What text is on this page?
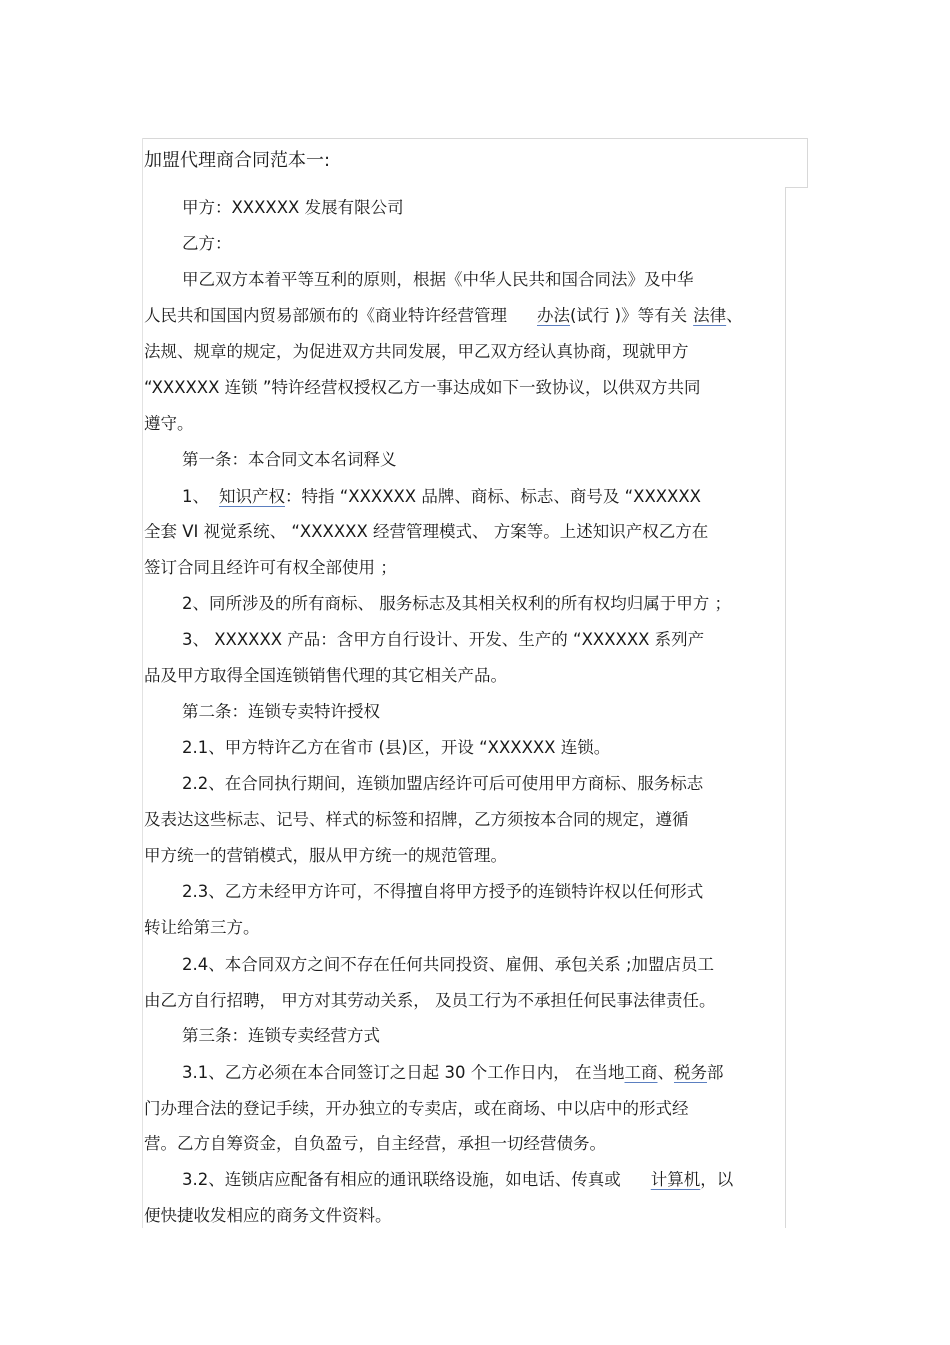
加盟代理商合同范本一:
甲方：XXXXXX 发展有限公司
乙方：
甲乙双方本着平等互利的原则，根据《中华人民共和国合同法》及中华
人民共和国国内贸易部颁布的《商业特许经营管理 办法(试行 )》等有关 法律、
法规、规章的规定，为促进双方共同发展，甲乙双方经认真协商，现就甲方
“XXXXXX 连锁 ”特许经营权授权乙方一事达成如下一致协议，以供双方共同
遵守。
第一条：本合同文本名词释义
1、 知识产权：特指 “XXXXXX 品牌、商标、标志、商号及 “XXXXXX
全套 VI 视觉系统、 “XXXXXX 经营管理模式、 方案等。上述知识产权乙方在
签订合同且经许可有权全部使用 ；
2、同所涉及的所有商标、 服务标志及其相关权利的所有权均归属于甲方 ；
3、 XXXXXX 产品：含甲方自行设计、开发、生产的 “XXXXXX 系列产
品及甲方取得全国连锁销售代理的其它相关产品。
第二条：连锁专卖特许授权
2.1、甲方特许乙方在省市 (县)区，开设 “XXXXXX 连锁。
2.2、在合同执行期间，连锁加盟店经许可后可使用甲方商标、服务标志
及表达这些标志、记号、样式的标签和招牌，乙方须按本合同的规定，遵循
甲方统一的营销模式，服从甲方统一的规范管理。
2.3、乙方未经甲方许可，不得擅自将甲方授予的连锁特许权以任何形式
转让给第三方。
2.4、本合同双方之间不存在任何共同投资、雇佣、承包关系 ;加盟店员工
由乙方自行招聘， 甲方对其劳动关系， 及员工行为不承担任何民事法律责任。
第三条：连锁专卖经营方式
3.1、乙方必须在本合同签订之日起 30 个工作日内， 在当地工商、税务部
门办理合法的登记手续，开办独立的专卖店，或在商场、中以店中的形式经
营。乙方自筹资金，自负盈亏，自主经营，承担一切经营债务。
3.2、连锁店应配备有相应的通讯联络设施，如电话、传真或 计算机，以
便快捷收发相应的商务文件资料。
